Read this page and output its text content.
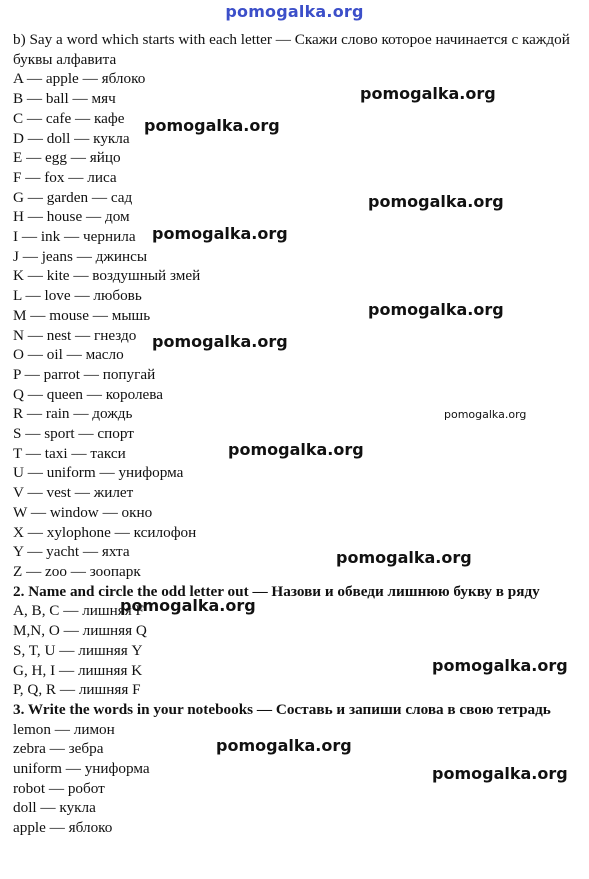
pomogalka.org
b) Say a word which starts with each letter — Скажи слово которое начинается с каждой буквы алфавита
A — apple — яблоко
B — ball — мяч
C — cafe — кафе
D — doll — кукла
E — egg — яйцо
F — fox — лиса
G — garden — сад
H — house — дом
I — ink — чернила
J — jeans — джинсы
K — kite — воздушный змей
L — love — любовь
M — mouse — мышь
N — nest — гнездо
O — oil — масло
P — parrot — попугай
Q — queen — королева
R — rain — дождь
S — sport — спорт
T — taxi — такси
U — uniform — униформа
V — vest — жилет
W — window — окно
X — xylophone — ксилофон
Y — yacht — яхта
Z — zoo — зоопарк
2. Name and circle the odd letter out — Назови и обведи лишнюю букву в ряду
A, B, C — лишняя F
M,N, O — лишняя Q
S, T, U — лишняя Y
G, H, I — лишняя K
P, Q, R — лишняя F
3. Write the words in your notebooks — Составь и запиши слова в свою тетрадь
lemon — лимон
zebra — зебра
uniform — униформа
robot — робот
doll — кукла
apple — яблоко
pomogalka.org
pomogalka.org
pomogalka.org
pomogalka.org
pomogalka.org
pomogalka.org
pomogalka.org
pomogalka.org
pomogalka.org
pomogalka.org
pomogalka.org
pomogalka.org
pomogalka.org
